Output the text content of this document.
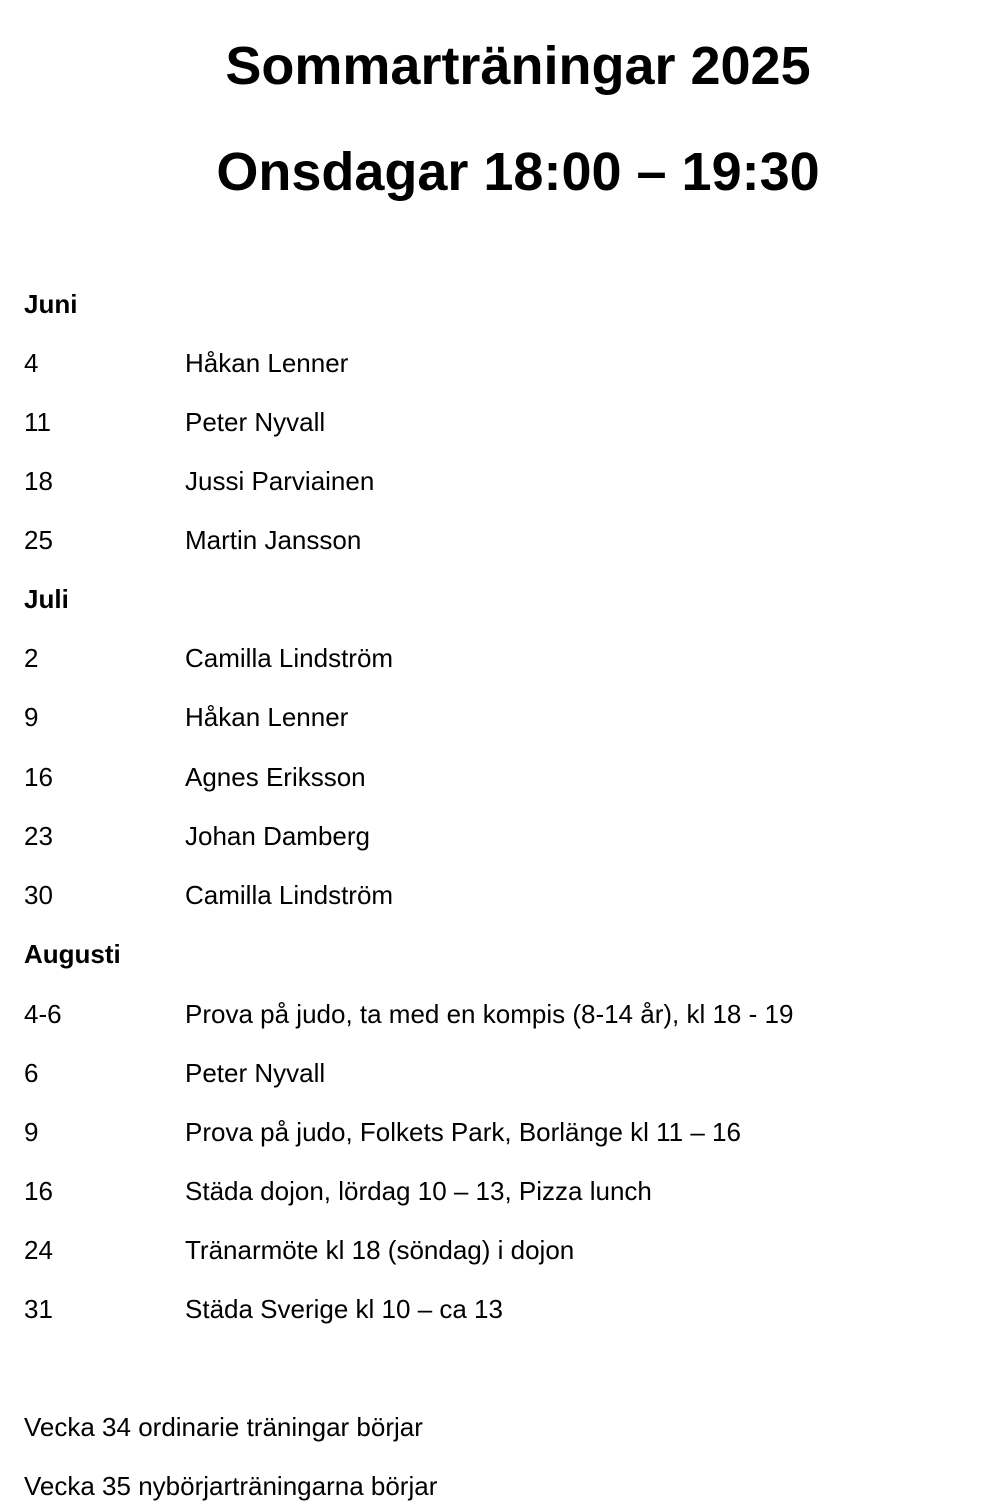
Sommarträningar 2025
Onsdagar 18:00 – 19:30
Juni
4	Håkan Lenner
11	Peter Nyvall
18	Jussi Parviainen
25	Martin Jansson
Juli
2	Camilla Lindström
9	Håkan Lenner
16	Agnes Eriksson
23	Johan Damberg
30	Camilla Lindström
Augusti
4-6	Prova på judo, ta med en kompis (8-14 år), kl 18 - 19
6	Peter Nyvall
9	Prova på judo, Folkets Park, Borlänge kl 11 – 16
16	Städa dojon, lördag 10 – 13, Pizza lunch
24	Tränarmöte kl 18 (söndag) i dojon
31	Städa Sverige kl 10 – ca 13
Vecka 34 ordinarie träningar börjar
Vecka 35 nybörjarträningarna börjar
